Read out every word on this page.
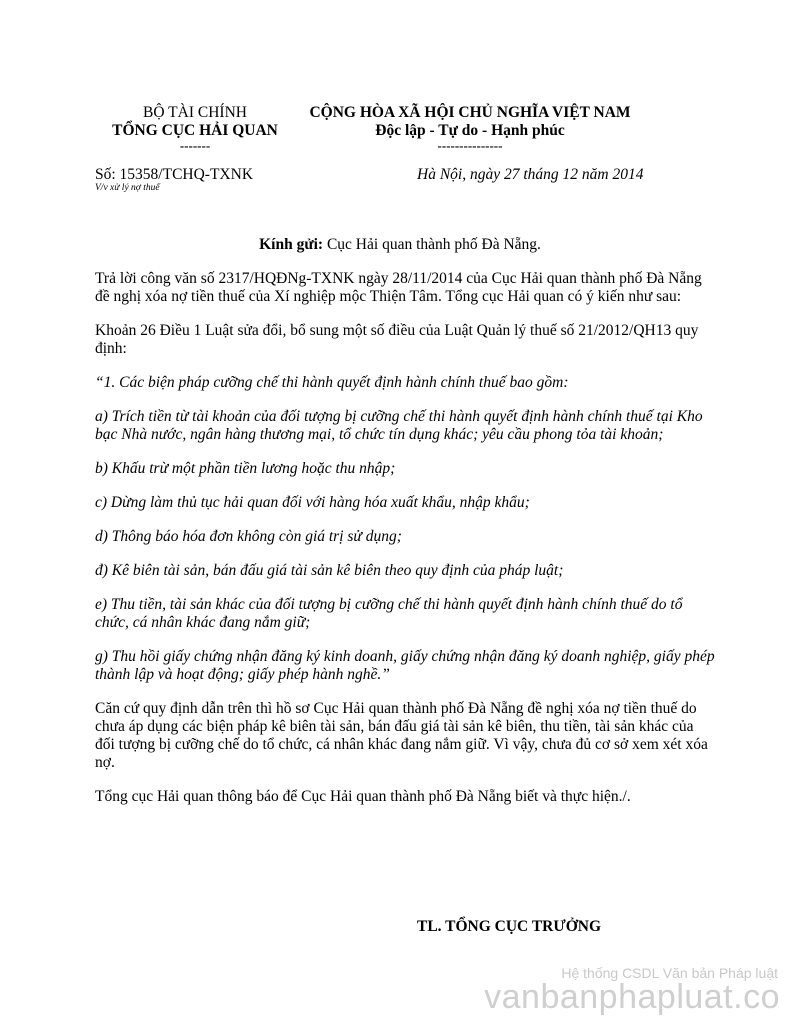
BỘ TÀI CHÍNH
TỔNG CỤC HẢI QUAN
-------
CỘNG HÒA XÃ HỘI CHỦ NGHĨA VIỆT NAM
Độc lập - Tự do - Hạnh phúc
---------------
Số: 15358/TCHQ-TXNK
V/v xử lý nợ thuế
Hà Nội, ngày 27 tháng 12 năm 2014
Kính gửi: Cục Hải quan thành phố Đà Nẵng.

Trả lời công văn số 2317/HQĐNg-TXNK ngày 28/11/2014 của Cục Hải quan thành phố Đà Nẵng đề nghị xóa nợ tiền thuế của Xí nghiệp mộc Thiện Tâm. Tổng cục Hải quan có ý kiến như sau:

Khoản 26 Điều 1 Luật sửa đổi, bổ sung một số điều của Luật Quản lý thuế số 21/2012/QH13 quy định:

“1. Các biện pháp cưỡng chế thi hành quyết định hành chính thuế bao gồm:

a) Trích tiền từ tài khoản của đối tượng bị cưỡng chế thi hành quyết định hành chính thuế tại Kho bạc Nhà nước, ngân hàng thương mại, tổ chức tín dụng khác; yêu cầu phong tỏa tài khoản;

b) Khấu trừ một phần tiền lương hoặc thu nhập;

c) Dừng làm thủ tục hải quan đối với hàng hóa xuất khẩu, nhập khẩu;

d) Thông báo hóa đơn không còn giá trị sử dụng;

đ) Kê biên tài sản, bán đấu giá tài sản kê biên theo quy định của pháp luật;

e) Thu tiền, tài sản khác của đối tượng bị cưỡng chế thi hành quyết định hành chính thuế do tổ chức, cá nhân khác đang nắm giữ;

g) Thu hồi giấy chứng nhận đăng ký kinh doanh, giấy chứng nhận đăng ký doanh nghiệp, giấy phép thành lập và hoạt động; giấy phép hành nghề.”

Căn cứ quy định dẫn trên thì hồ sơ Cục Hải quan thành phố Đà Nẵng đề nghị xóa nợ tiền thuế do chưa áp dụng các biện pháp kê biên tài sản, bán đấu giá tài sản kê biên, thu tiền, tài sản khác của đối tượng bị cưỡng chế do tổ chức, cá nhân khác đang nắm giữ. Vì vậy, chưa đủ cơ sở xem xét xóa nợ.

Tổng cục Hải quan thông báo để Cục Hải quan thành phố Đà Nẵng biết và thực hiện./.

TL. TỔNG CỤC TRƯỞNG
Hệ thống CSDL Văn bản Pháp luật
vanbanphapluat.co
